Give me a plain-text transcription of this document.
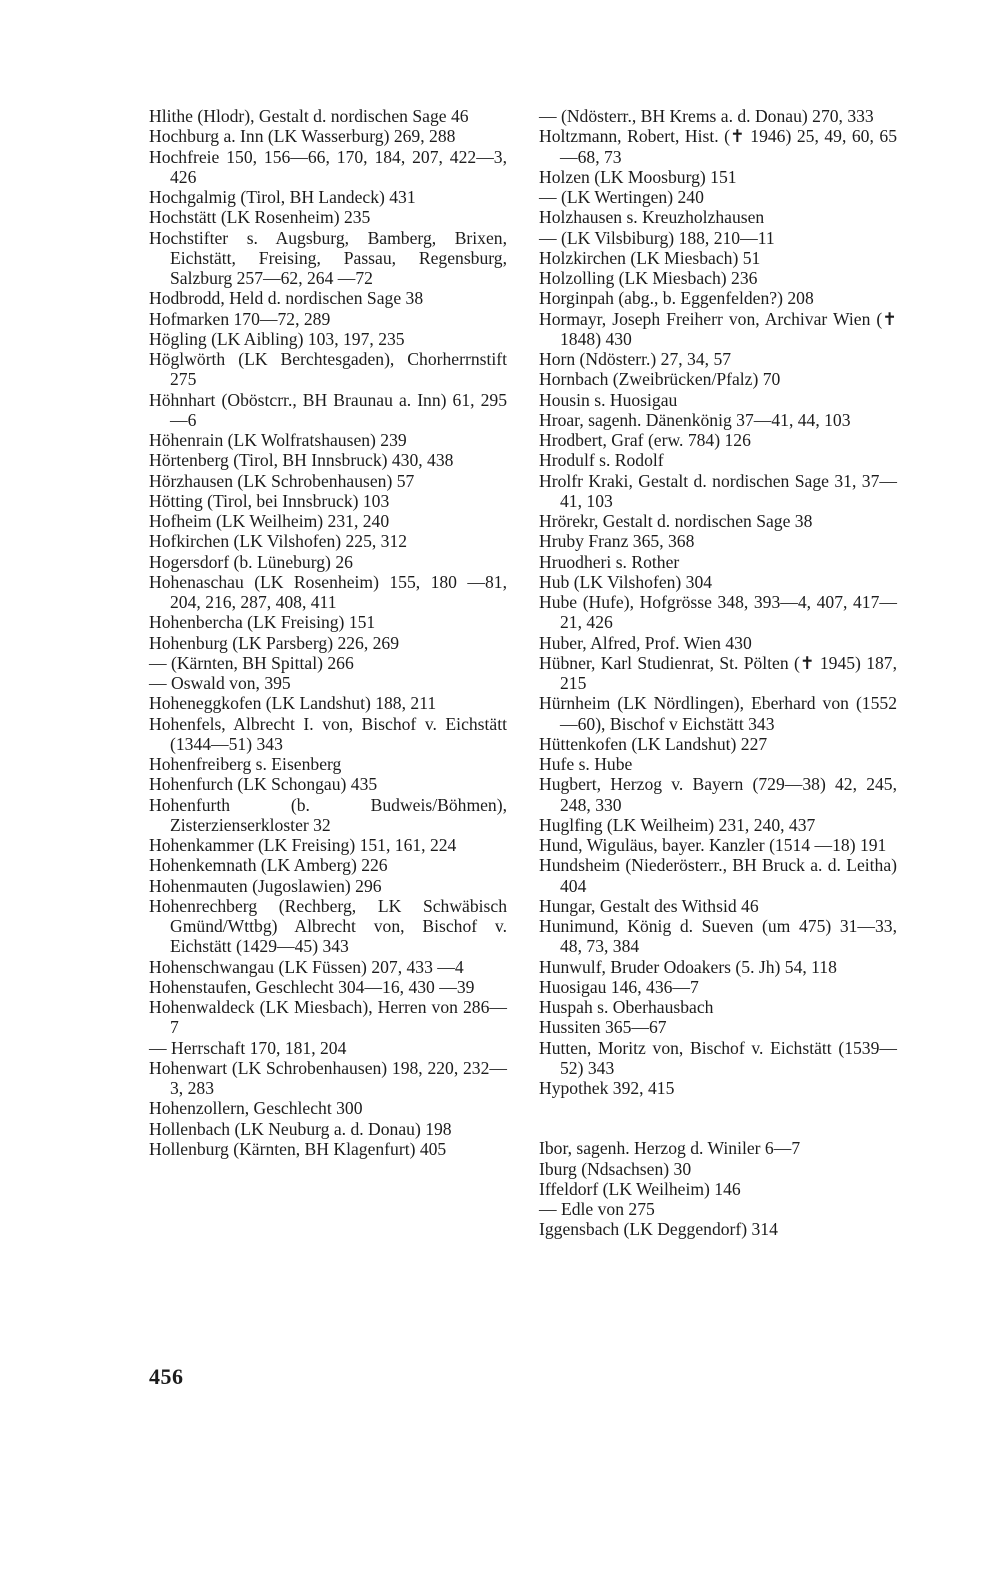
Hlithe (Hlodr), Gestalt d. nordischen Sage 46

Hochburg a. Inn (LK Wasserburg) 269, 288

Hochfreie 150, 156—66, 170, 184, 207, 422—3, 426

Hochgalmig (Tirol, BH Landeck) 431

Hochstätt (LK Rosenheim) 235

Hochstifter s. Augsburg, Bamberg, Brixen, Eichstätt, Freising, Passau, Regensburg, Salzburg 257—62, 264 —72

Hodbrodd, Held d. nordischen Sage 38

Hofmarken 170—72, 289

Högling (LK Aibling) 103, 197, 235

Höglwörth (LK Berchtesgaden), Chorherrnstift 275

Höhnhart (Oböstcrr., BH Braunau a. Inn) 61, 295—6

Höhenrain (LK Wolfratshausen) 239

Hörtenberg (Tirol, BH Innsbruck) 430, 438

Hörzhausen (LK Schrobenhausen) 57

Hötting (Tirol, bei Innsbruck) 103

Hofheim (LK Weilheim) 231, 240

Hofkirchen (LK Vilshofen) 225, 312

Hogersdorf (b. Lüneburg) 26

Hohenaschau (LK Rosenheim) 155, 180 —81, 204, 216, 287, 408, 411

Hohenbercha (LK Freising) 151

Hohenburg (LK Parsberg) 226, 269

— (Kärnten, BH Spittal) 266

— Oswald von, 395

Hoheneggkofen (LK Landshut) 188, 211

Hohenfels, Albrecht I. von, Bischof v. Eichstätt (1344—51) 343

Hohenfreiberg s. Eisenberg

Hohenfurch (LK Schongau) 435

Hohenfurth (b. Budweis/Böhmen), Zisterzienserkloster 32

Hohenkammer (LK Freising) 151, 161, 224

Hohenkemnath (LK Amberg) 226

Hohenmauten (Jugoslawien) 296

Hohenrechberg (Rechberg, LK Schwäbisch Gmünd/Wttbg) Albrecht von, Bischof v. Eichstätt (1429—45) 343

Hohenschwangau (LK Füssen) 207, 433 —4

Hohenstaufen, Geschlecht 304—16, 430 —39

Hohenwaldeck (LK Miesbach), Herren von 286—7

— Herrschaft 170, 181, 204

Hohenwart (LK Schrobenhausen) 198, 220, 232—3, 283

Hohenzollern, Geschlecht 300

Hollenbach (LK Neuburg a. d. Donau) 198

Hollenburg (Kärnten, BH Klagenfurt) 405

— (Ndösterr., BH Krems a. d. Donau) 270, 333

Holtzmann, Robert, Hist. (✝ 1946) 25, 49, 60, 65—68, 73

Holzen (LK Moosburg) 151

— (LK Wertingen) 240

Holzhausen s. Kreuzholzhausen

— (LK Vilsbiburg) 188, 210—11

Holzkirchen (LK Miesbach) 51

Holzolling (LK Miesbach) 236

Horginpah (abg., b. Eggenfelden?) 208

Hormayr, Joseph Freiherr von, Archivar Wien (✝ 1848) 430

Horn (Ndösterr.) 27, 34, 57

Hornbach (Zweibrücken/Pfalz) 70

Housin s. Huosigau

Hroar, sagenh. Dänenkönig 37—41, 44, 103

Hrodbert, Graf (erw. 784) 126

Hrodulf s. Rodolf

Hrolfr Kraki, Gestalt d. nordischen Sage 31, 37—41, 103

Hrörekr, Gestalt d. nordischen Sage 38

Hruby Franz 365, 368

Hruodheri s. Rother

Hub (LK Vilshofen) 304

Hube (Hufe), Hofgrösse 348, 393—4, 407, 417—21, 426

Huber, Alfred, Prof. Wien 430

Hübner, Karl Studienrat, St. Pölten (✝ 1945) 187, 215

Hürnheim (LK Nördlingen), Eberhard von (1552—60), Bischof v Eichstätt 343

Hüttenkofen (LK Landshut) 227

Hufe s. Hube

Hugbert, Herzog v. Bayern (729—38) 42, 245, 248, 330

Huglfing (LK Weilheim) 231, 240, 437

Hund, Wiguläus, bayer. Kanzler (1514 —18) 191

Hundsheim (Niederösterr., BH Bruck a. d. Leitha) 404

Hungar, Gestalt des Withsid 46

Hunimund, König d. Sueven (um 475) 31—33, 48, 73, 384

Hunwulf, Bruder Odoakers (5. Jh) 54, 118

Huosigau 146, 436—7

Huspah s. Oberhausbach

Hussiten 365—67

Hutten, Moritz von, Bischof v. Eichstätt (1539—52) 343

Hypothek 392, 415

Ibor, sagenh. Herzog d. Winiler 6—7

Iburg (Ndsachsen) 30

Iffeldorf (LK Weilheim) 146

— Edle von 275

Iggensbach (LK Deggendorf) 314

456
